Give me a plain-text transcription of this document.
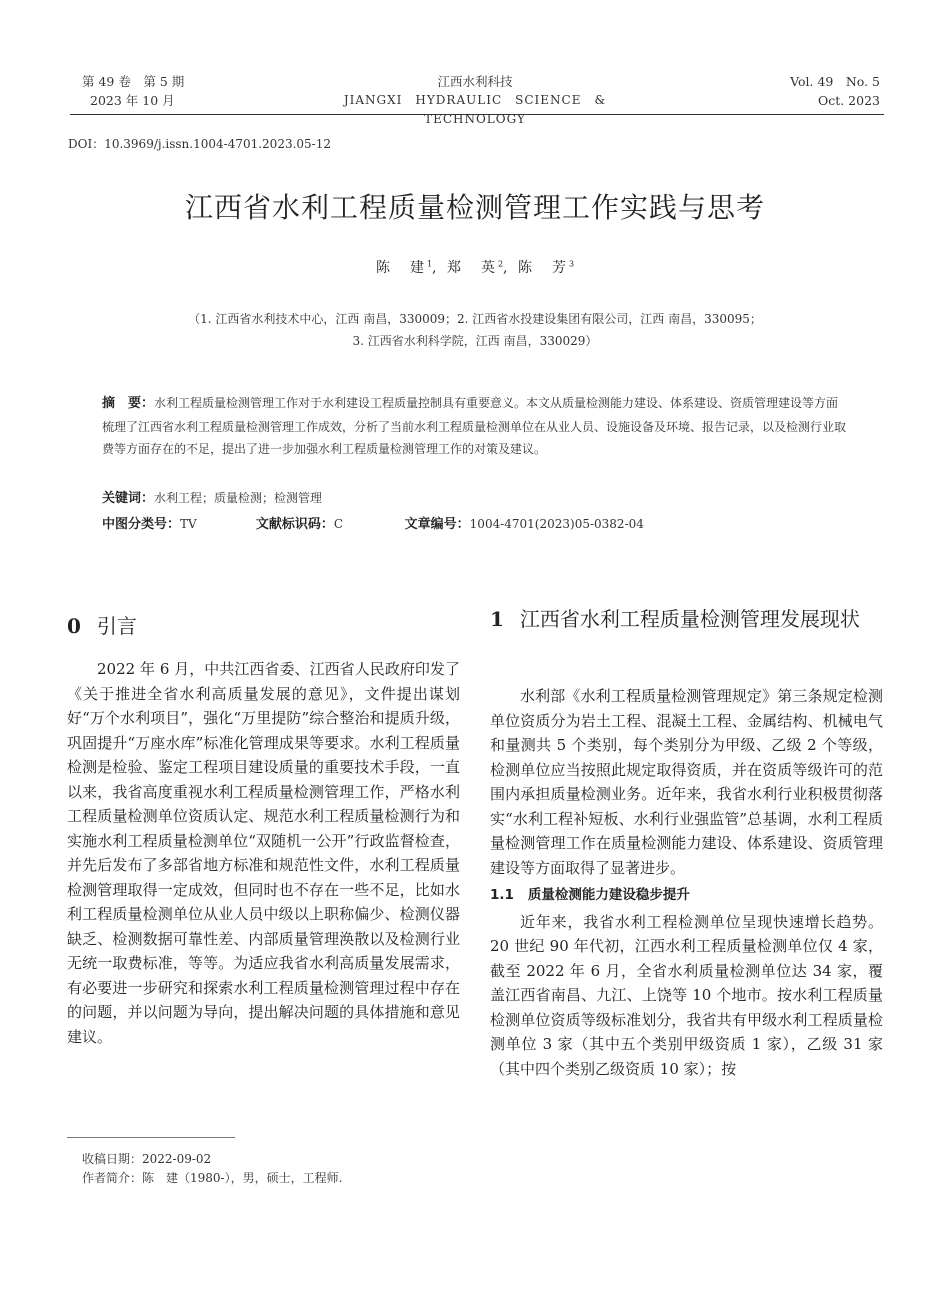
第 49 卷　第 5 期
2023 年 10 月
江西水利科技
JIANGXI　HYDRAULIC　SCIENCE　&　TECHNOLOGY
Vol. 49　No. 5
Oct. 2023
DOI：10.3969/j.issn.1004-4701.2023.05-12
江西省水利工程质量检测管理工作实践与思考
陈　建$^1$, 郑　英$^2$, 陈　芳$^3$
（1. 江西省水利技术中心，江西 南昌，330009；2. 江西省水投建设集团有限公司，江西 南昌，330095；
3. 江西省水利科学院，江西 南昌，330029）
摘　要：水利工程质量检测管理工作对于水利建设工程质量控制具有重要意义。本文从质量检测能力建设、体系建设、资质管理建设等方面梳理了江西省水利工程质量检测管理工作成效，分析了当前水利工程质量检测单位在从业人员、设施设备及环境、报告记录，以及检测行业取费等方面存在的不足，提出了进一步加强水利工程质量检测管理工作的对策及建议。
关键词：水利工程；质量检测；检测管理
中图分类号：TV	文献标识码：C	文章编号：1004-4701(2023)05-0382-04
0 引言

2022 年 6 月，中共江西省委、江西省人民政府印发了《关于推进全省水利高质量发展的意见》，文件提出谋划好“万个水利项目”，强化“万里提防”综合整治和提质升级，巩固提升“万座水库”标准化管理成果等要求。水利工程质量检测是检验、鉴定工程项目建设质量的重要技术手段，一直以来，我省高度重视水利工程质量检测管理工作，严格水利工程质量检测单位资质认定、规范水利工程质量检测行为和实施水利工程质量检测单位“双随机一公开”行政监督检查，并先后发布了多部省地方标准和规范性文件，水利工程质量检测管理取得一定成效，但同时也不存在一些不足，比如水利工程质量检测单位从业人员中级以上职称偏少、检测仪器缺乏、检测数据可靠性差、内部质量管理涣散以及检测行业无统一取费标准，等等。为适应我省水利高质量发展需求，有必要进一步研究和探索水利工程质量检测管理过程中存在的问题，并以问题为导向，提出解决问题的具体措施和意见建议。

1 江西省水利工程质量检测管理发展现状

水利部《水利工程质量检测管理规定》第三条规定检测单位资质分为岩土工程、混凝土工程、金属结构、机械电气和量测共 5 个类别，每个类别分为甲级、乙级 2 个等级，检测单位应当按照此规定取得资质，并在资质等级许可的范围内承担质量检测业务。近年来，我省水利行业积极贯彻落实“水利工程补短板、水利行业强监管”总基调，水利工程质量检测管理工作在质量检测能力建设、体系建设、资质管理建设等方面取得了显著进步。

1.1 质量检测能力建设稳步提升

近年来，我省水利工程检测单位呈现快速增长趋势。20 世纪 90 年代初，江西水利工程质量检测单位仅 4 家，截至 2022 年 6 月，全省水利质量检测单位达 34 家，覆盖江西省南昌、九江、上饶等 10 个地市。按水利工程质量检测单位资质等级标准划分，我省共有甲级水利工程质量检测单位 3 家（其中五个类别甲级资质 1 家），乙级 31 家（其中四个类别乙级资质 10 家）；按

收稿日期：2022-09-02
作者简介：陈　建（1980-），男，硕士，工程师.
